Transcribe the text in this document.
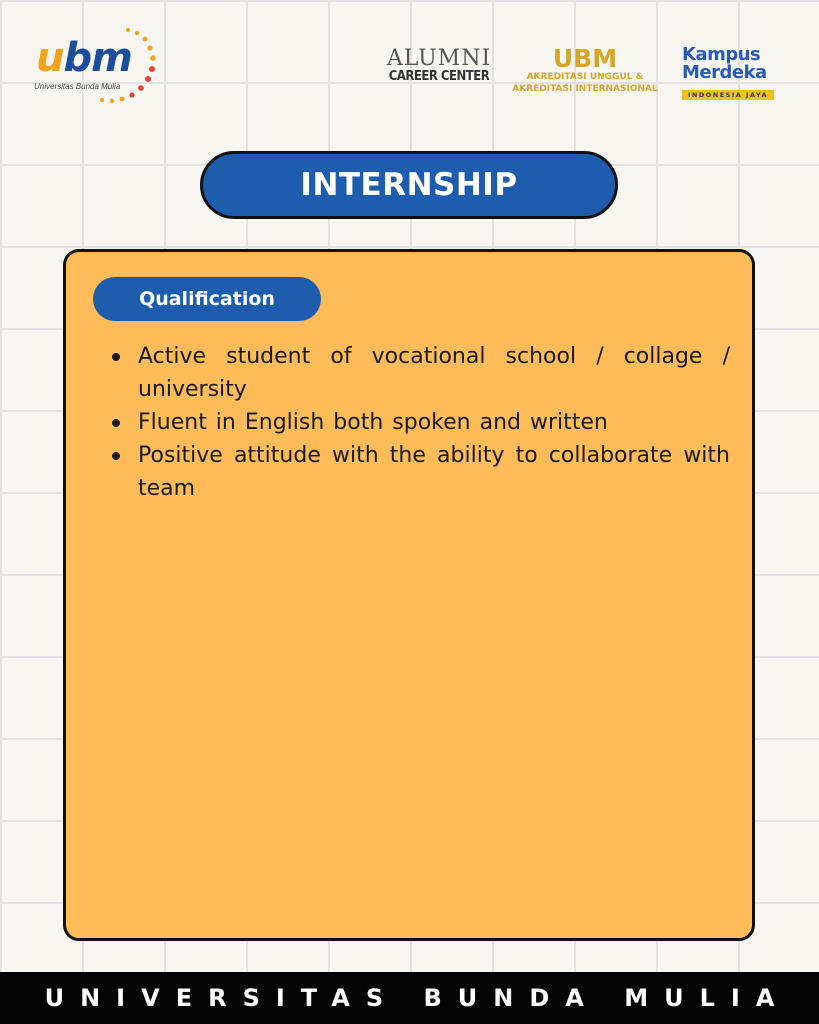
ubm
Universitas Bunda Mulia
ALUMNI
CAREER CENTER
UBM
AKREDITASI UNGGUL &
AKREDITASI INTERNASIONAL
Kampus
Merdeka
INDONESIA JAYA
INTERNSHIP
Qualification
Active student of vocational school / collage / university
Fluent in English both spoken and written
Positive attitude with the ability to collaborate with team
UNIVERSITAS BUNDA MULIA
